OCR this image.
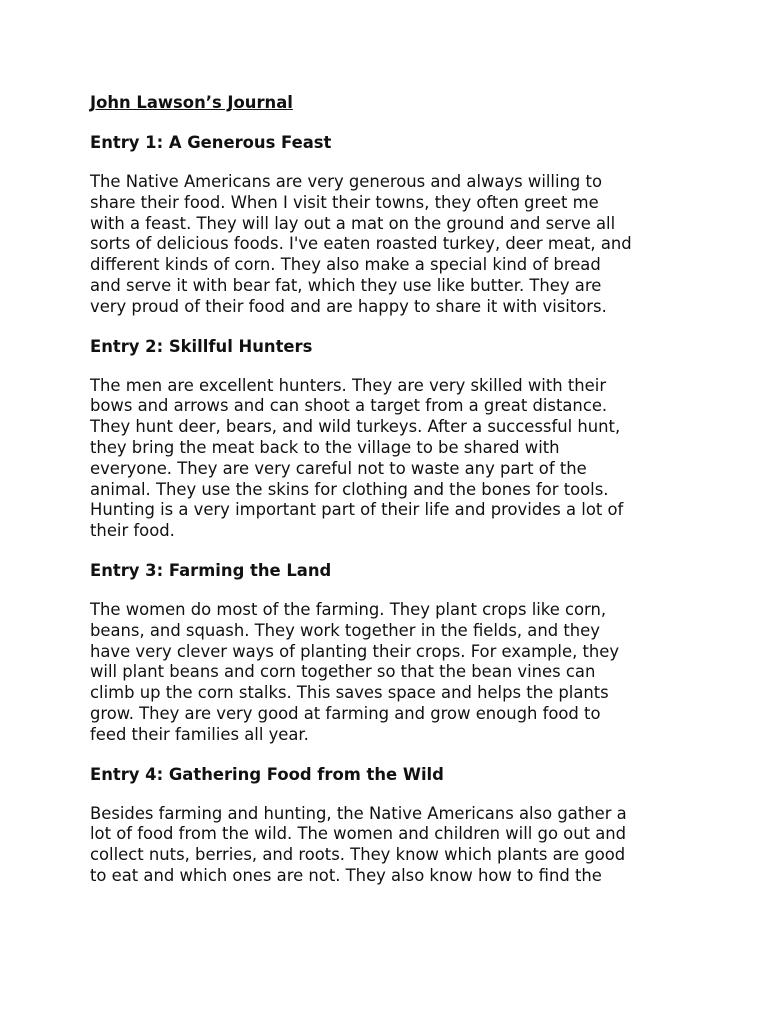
John Lawson’s Journal
Entry 1: A Generous Feast
The Native Americans are very generous and always willing to
share their food. When I visit their towns, they often greet me
with a feast. They will lay out a mat on the ground and serve all
sorts of delicious foods. I've eaten roasted turkey, deer meat, and
different kinds of corn. They also make a special kind of bread
and serve it with bear fat, which they use like butter. They are
very proud of their food and are happy to share it with visitors.
Entry 2: Skillful Hunters
The men are excellent hunters. They are very skilled with their
bows and arrows and can shoot a target from a great distance.
They hunt deer, bears, and wild turkeys. After a successful hunt,
they bring the meat back to the village to be shared with
everyone. They are very careful not to waste any part of the
animal. They use the skins for clothing and the bones for tools.
Hunting is a very important part of their life and provides a lot of
their food.
Entry 3: Farming the Land
The women do most of the farming. They plant crops like corn,
beans, and squash. They work together in the fields, and they
have very clever ways of planting their crops. For example, they
will plant beans and corn together so that the bean vines can
climb up the corn stalks. This saves space and helps the plants
grow. They are very good at farming and grow enough food to
feed their families all year.
Entry 4: Gathering Food from the Wild
Besides farming and hunting, the Native Americans also gather a
lot of food from the wild. The women and children will go out and
collect nuts, berries, and roots. They know which plants are good
to eat and which ones are not. They also know how to find the
